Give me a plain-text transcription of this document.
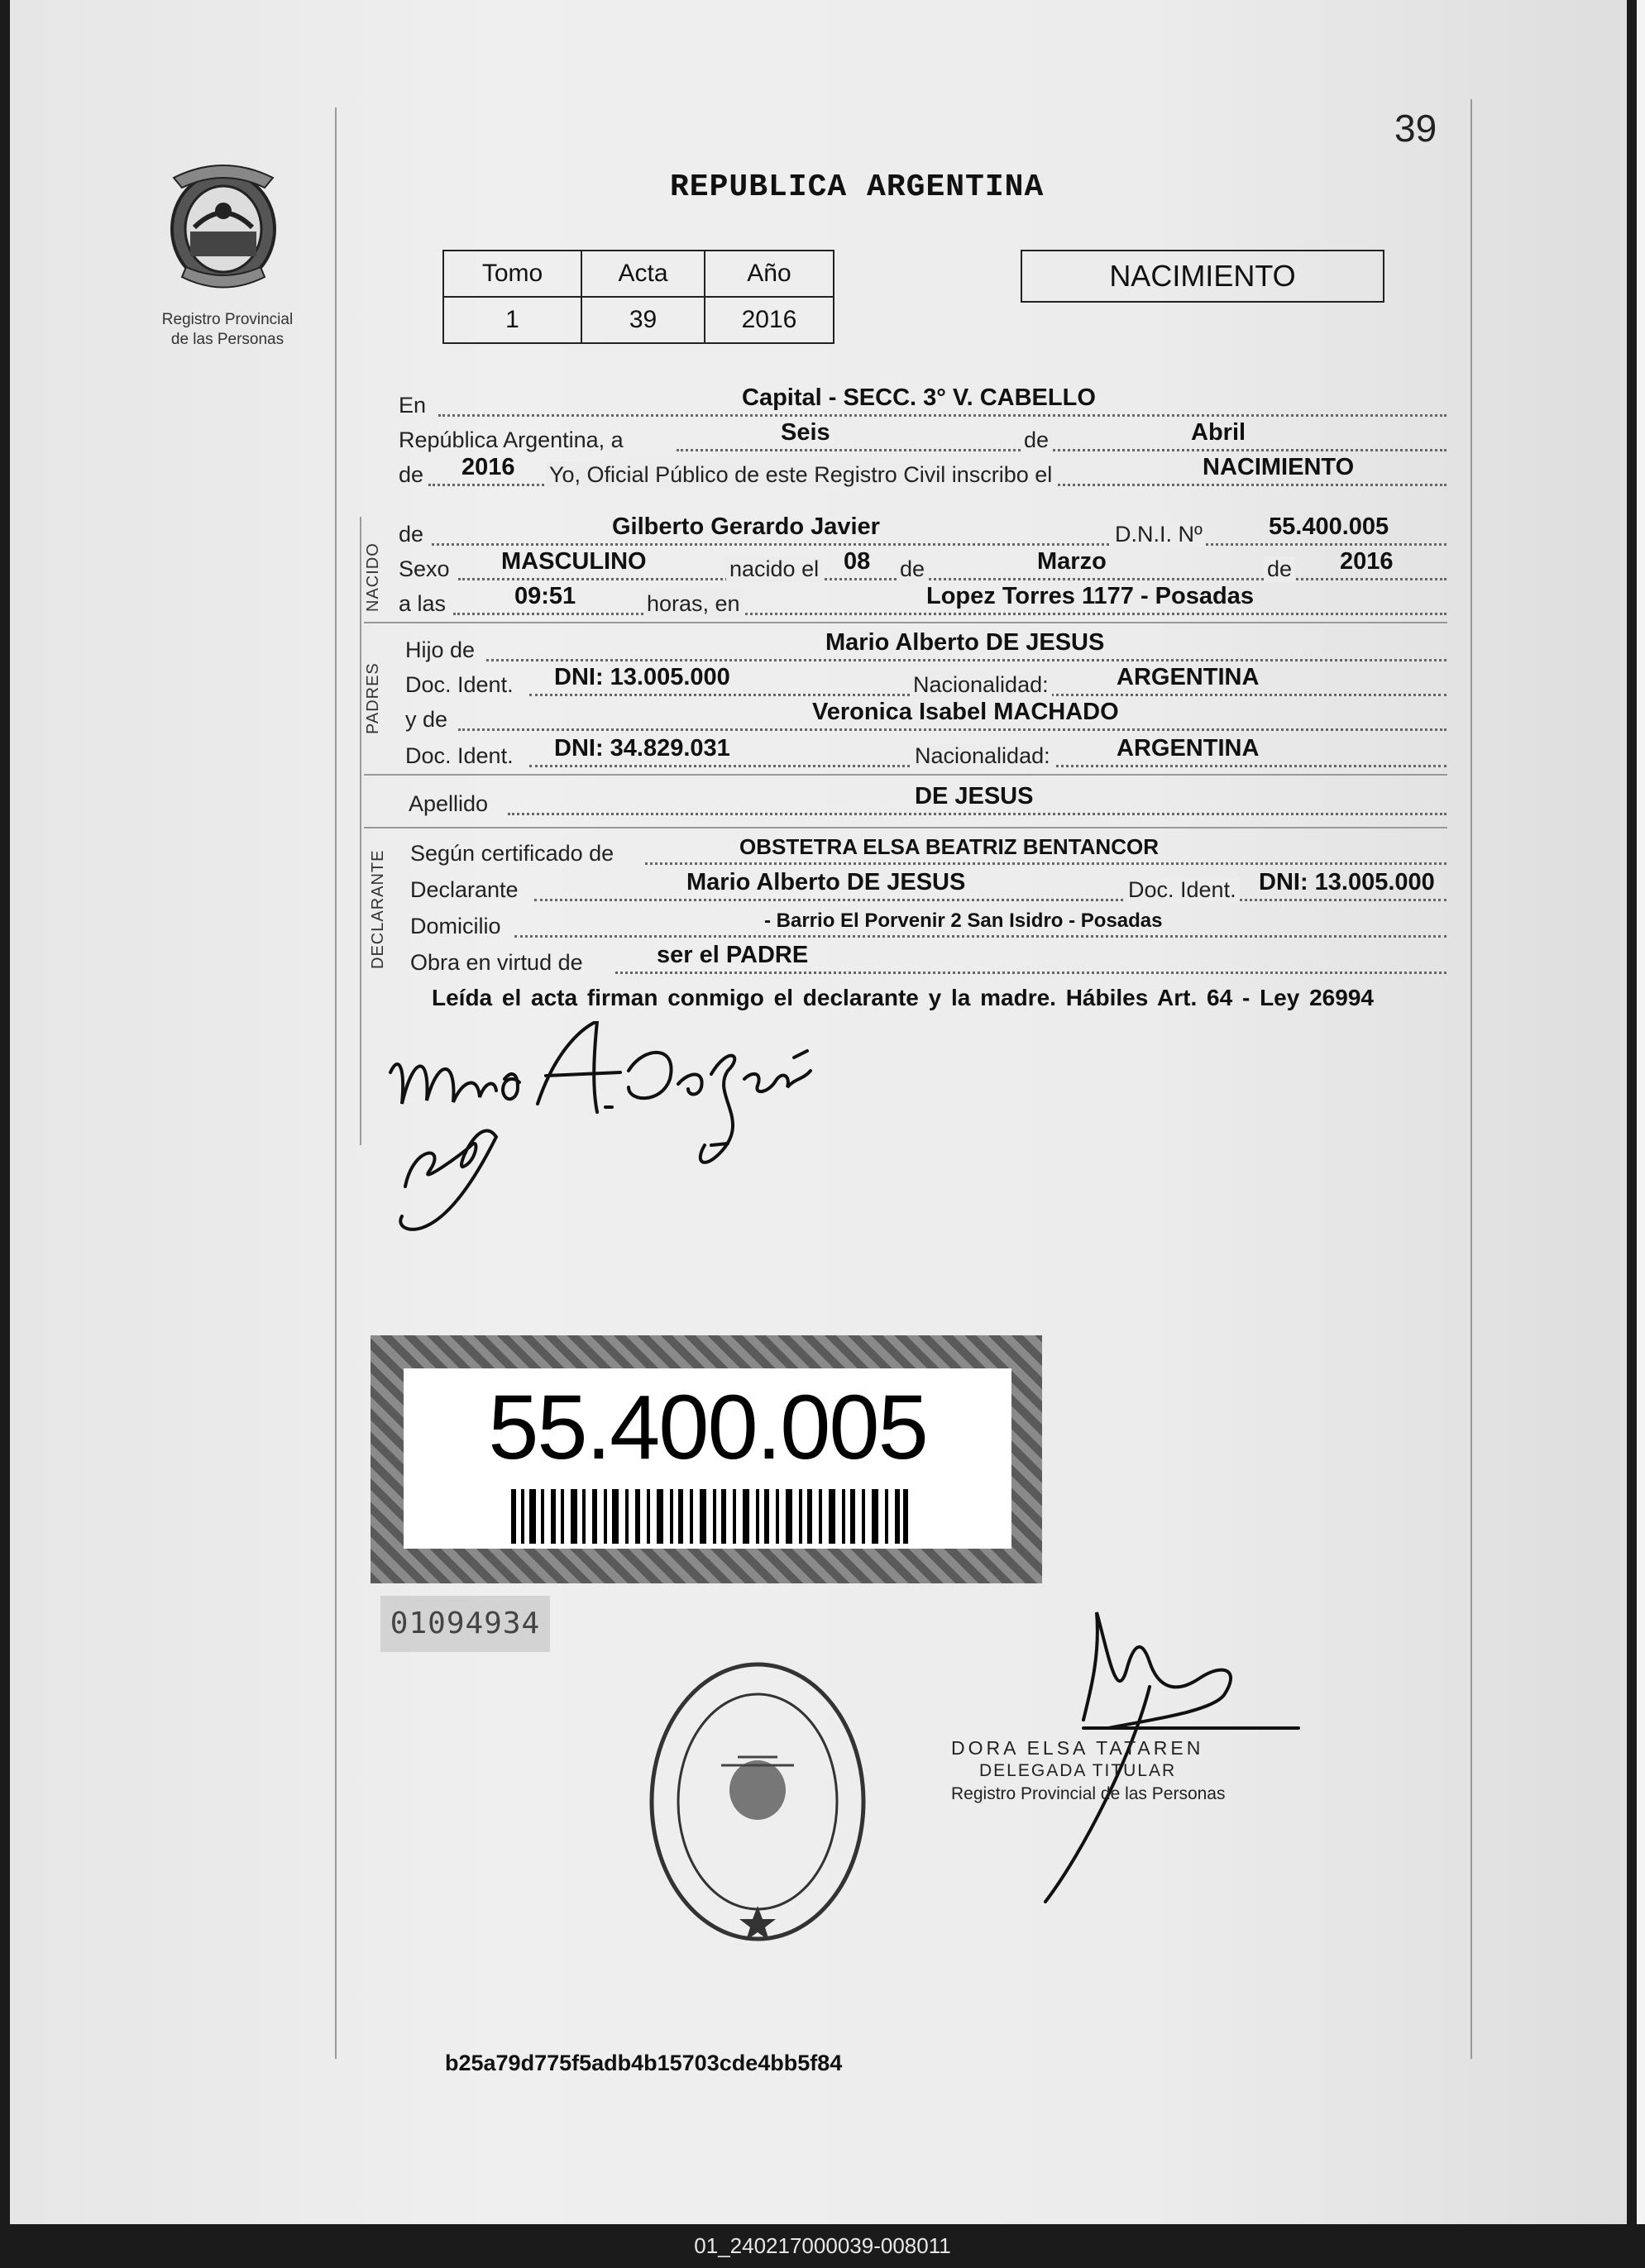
39
Registro Provincial
de las Personas
REPUBLICA ARGENTINA
Tomo	Acta	Año
1	39	2016
NACIMIENTO
En	Capital - SECC. 3° V. CABELLO
República Argentina, a	Seis	de	Abril
de 2016 Yo, Oficial Público de este Registro Civil inscribo el	NACIMIENTO
NACIDO
de	Gilberto Gerardo Javier	D.N.I. Nº	55.400.005
Sexo MASCULINO	nacido el 08 de	Marzo	de 2016
a las	09:51	horas, en	Lopez Torres 1177 - Posadas
PADRES
Hijo de	Mario Alberto DE JESUS
Doc. Ident. DNI: 13.005.000	Nacionalidad:	ARGENTINA
y de	Veronica Isabel MACHADO
Doc. Ident. DNI: 34.829.031	Nacionalidad:	ARGENTINA
Apellido	DE JESUS
DECLARANTE Según certificado de	OBSTETRA ELSA BEATRIZ BENTANCOR
Declarante	Mario Alberto DE JESUS	Doc. Ident. DNI: 13.005.000
Domicilio	- Barrio El Porvenir 2 San Isidro - Posadas
Obra en virtud de	ser el PADRE
Leída el acta firman conmigo el declarante y la madre. Hábiles Art. 64 - Ley 26994
55.400.005
01094934
DORA ELSA TATAREN
DELEGADA TITULAR
Registro Provincial de las Personas
b25a79d775f5adb4b15703cde4bb5f84
01_240217000039-008011
